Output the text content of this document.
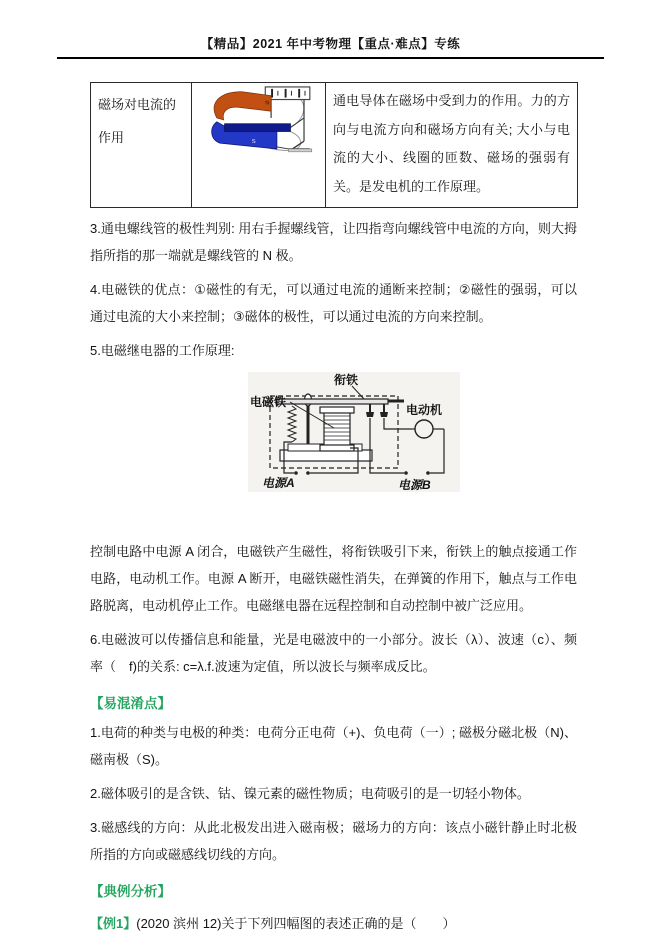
【精品】2021 年中考物理【重点·难点】专练
磁场对电流的作用	
N
S
	通电导体在磁场中受到力的作用。力的方向与电流方向和磁场方向有关; 大小与电流的大小、线圈的匝数、磁场的强弱有关。是发电机的工作原理。

3.通电螺线管的极性判别: 用右手握螺线管，让四指弯向螺线管中电流的方向，则大拇指所指的那一端就是螺线管的 N 极。

4.电磁铁的优点：①磁性的有无，可以通过电流的通断来控制；②磁性的强弱，可以通过电流的大小来控制；③磁体的极性，可以通过电流的方向来控制。

5.电磁继电器的工作原理:

衔铁
电磁铁
电动机
电源A	电源B

控制电路中电源 A 闭合，电磁铁产生磁性，将衔铁吸引下来，衔铁上的触点接通工作电路，电动机工作。电源 A 断开，电磁铁磁性消失，在弹簧的作用下，触点与工作电路脱离，电动机停止工作。电磁继电器在远程控制和自动控制中被广泛应用。

6.电磁波可以传播信息和能量，光是电磁波中的一小部分。波长（λ）、波速（c）、频率（　f)的关系: c=λ.f.波速为定值，所以波长与频率成反比。

【易混淆点】

1.电荷的种类与电极的种类：电荷分正电荷（+)、负电荷（一）; 磁极分磁北极（N)、磁南极（S)。

2.磁体吸引的是含铁、钴、镍元素的磁性物质；电荷吸引的是一切轻小物体。

3.磁感线的方向：从此北极发出进入磁南极；磁场力的方向：该点小磁针静止时北极所指的方向或磁感线切线的方向。

【典例分析】

【例1】(2020 滨州 12)关于下列四幅图的表述正确的是（　　）
